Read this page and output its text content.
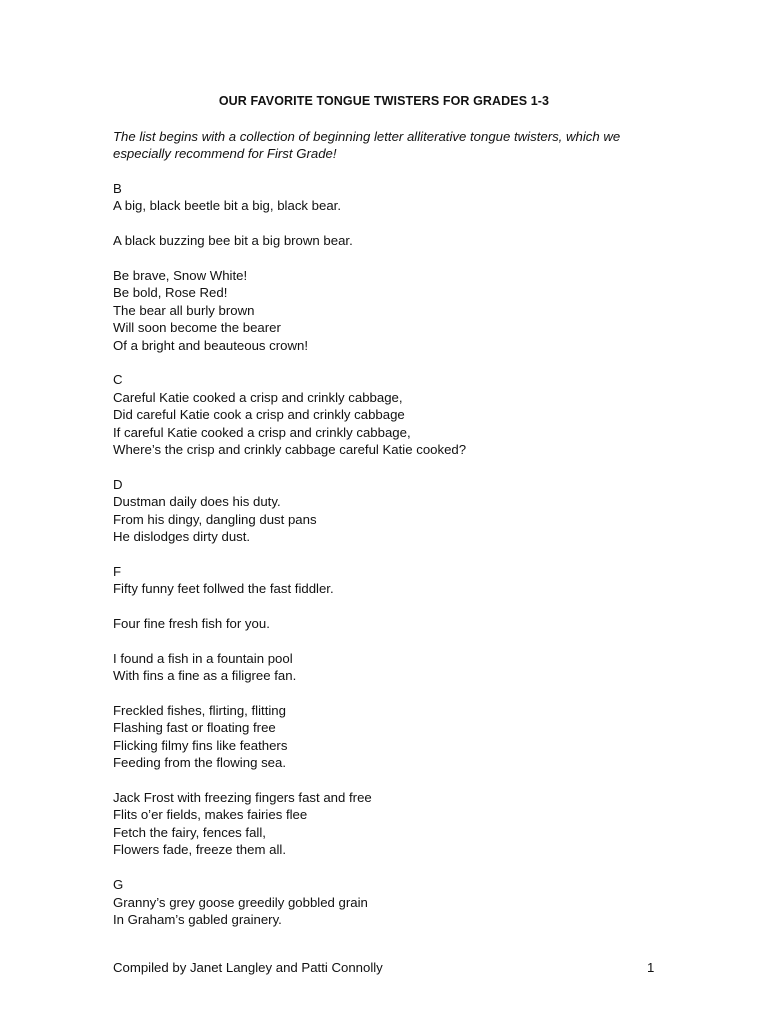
OUR FAVORITE TONGUE TWISTERS FOR GRADES 1-3
The list begins with a collection of beginning letter alliterative tongue twisters, which we
especially recommend for First Grade!
B
A big, black beetle bit a big, black bear.
A black buzzing bee bit a big brown bear.
Be brave, Snow White!
Be bold, Rose Red!
The bear all burly brown
Will soon become the bearer
Of a bright and beauteous crown!
C
Careful Katie cooked a crisp and crinkly cabbage,
Did careful Katie cook a crisp and crinkly cabbage
If careful Katie cooked a crisp and crinkly cabbage,
Where’s the crisp and crinkly cabbage careful Katie cooked?
D
Dustman daily does his duty.
From his dingy, dangling dust pans
He dislodges dirty dust.
F
Fifty funny feet follwed the fast fiddler.
Four fine fresh fish for you.
I found a fish in a fountain pool
With fins a fine as a filigree fan.
Freckled fishes, flirting, flitting
Flashing fast or floating free
Flicking filmy fins like feathers
Feeding from the flowing sea.
Jack Frost with freezing fingers fast and free
Flits o’er fields, makes fairies flee
Fetch the fairy, fences fall,
Flowers fade, freeze them all.
G
Granny’s grey goose greedily gobbled grain
In Graham’s gabled grainery.
Compiled by Janet Langley and Patti Connolly	1
